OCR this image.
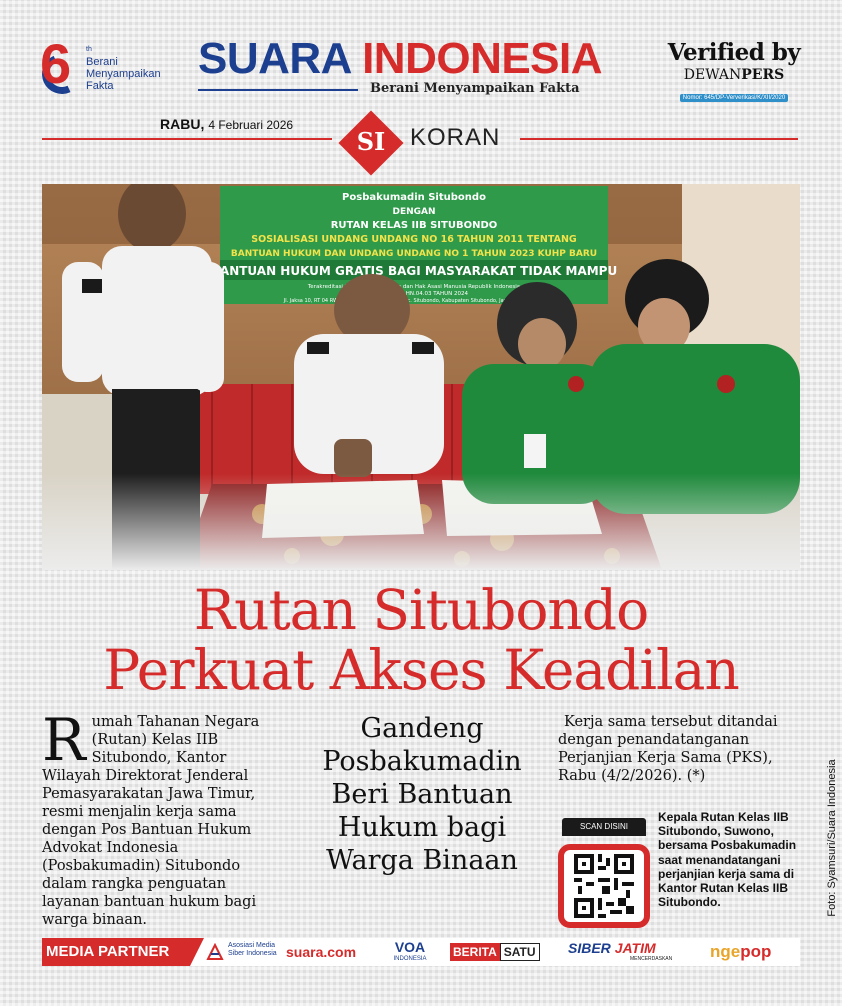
6 th
Berani Menyampaikan Fakta
SUARA INDONESIA
Berani Menyampaikan Fakta
Verified by
DEWANPERS
Nomor: 645/DP-Ververikasi/K/XII/2020
RABU, 4 Februari 2026
SI	KORAN
Rutan Situbondo
Perkuat Akses Keadilan
Rumah Tahanan Negara (Rutan) Kelas IIB Situbondo, Kantor Wilayah Direktorat Jenderal Pemasyarakatan Jawa Timur, resmi menjalin kerja sama dengan Pos Bantuan Hukum Advokat Indonesia (Posbakumadin) Situbondo dalam rangka penguatan layanan bantuan hukum bagi warga binaan.
Gandeng
Posbakumadin
Beri Bantuan
Hukum bagi
Warga Binaan
Kerja sama tersebut ditandai dengan penandatanganan Perjanjian Kerja Sama (PKS), Rabu (4/2/2026). (*)
SCAN DISINI
Kepala Rutan Kelas IIB Situbondo, Suwono, bersama Posbakumadin saat menandatangani perjanjian kerja sama di Kantor Rutan Kelas IIB Situbondo.	Foto: Syamsuri/Suara Indonesia
MEDIA PARTNER	Asosiasi Media Siber Indonesia suara.com	VOA
INDONESIA BERITA SATU	SIBER JATIM
MENCERDASKAN ngepop
